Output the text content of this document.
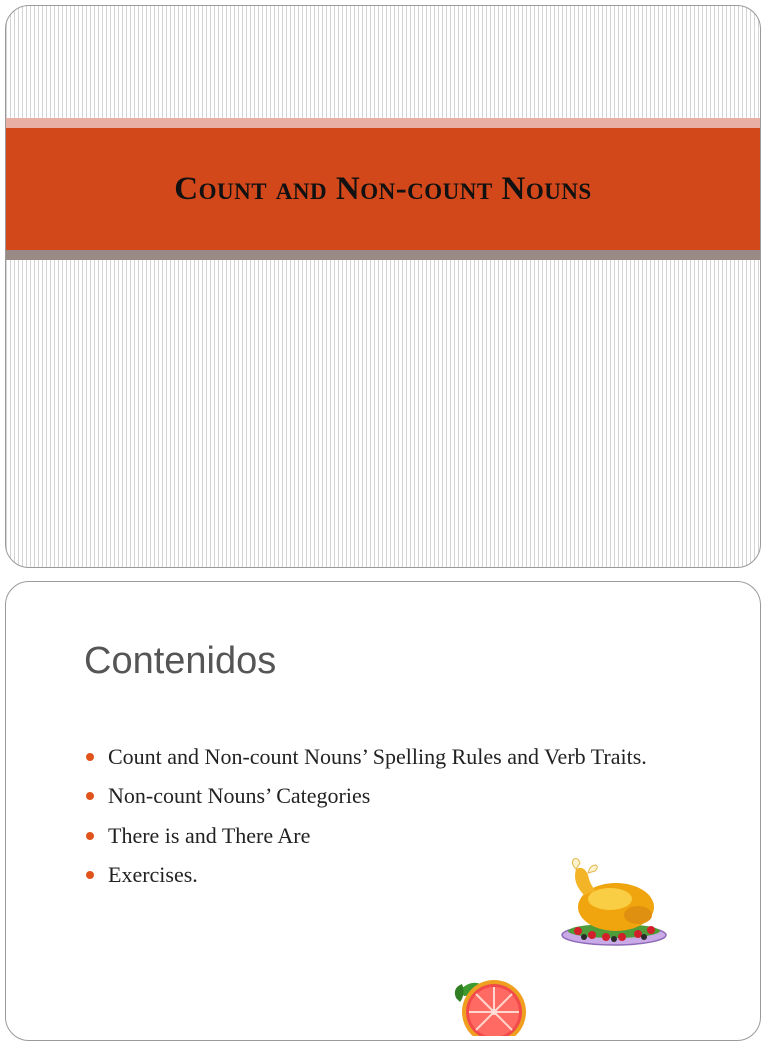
Count and Non-count Nouns
Contenidos
Count and Non-count Nouns’ Spelling Rules and Verb Traits.
Non-count Nouns’ Categories
There is and There Are
Exercises.
